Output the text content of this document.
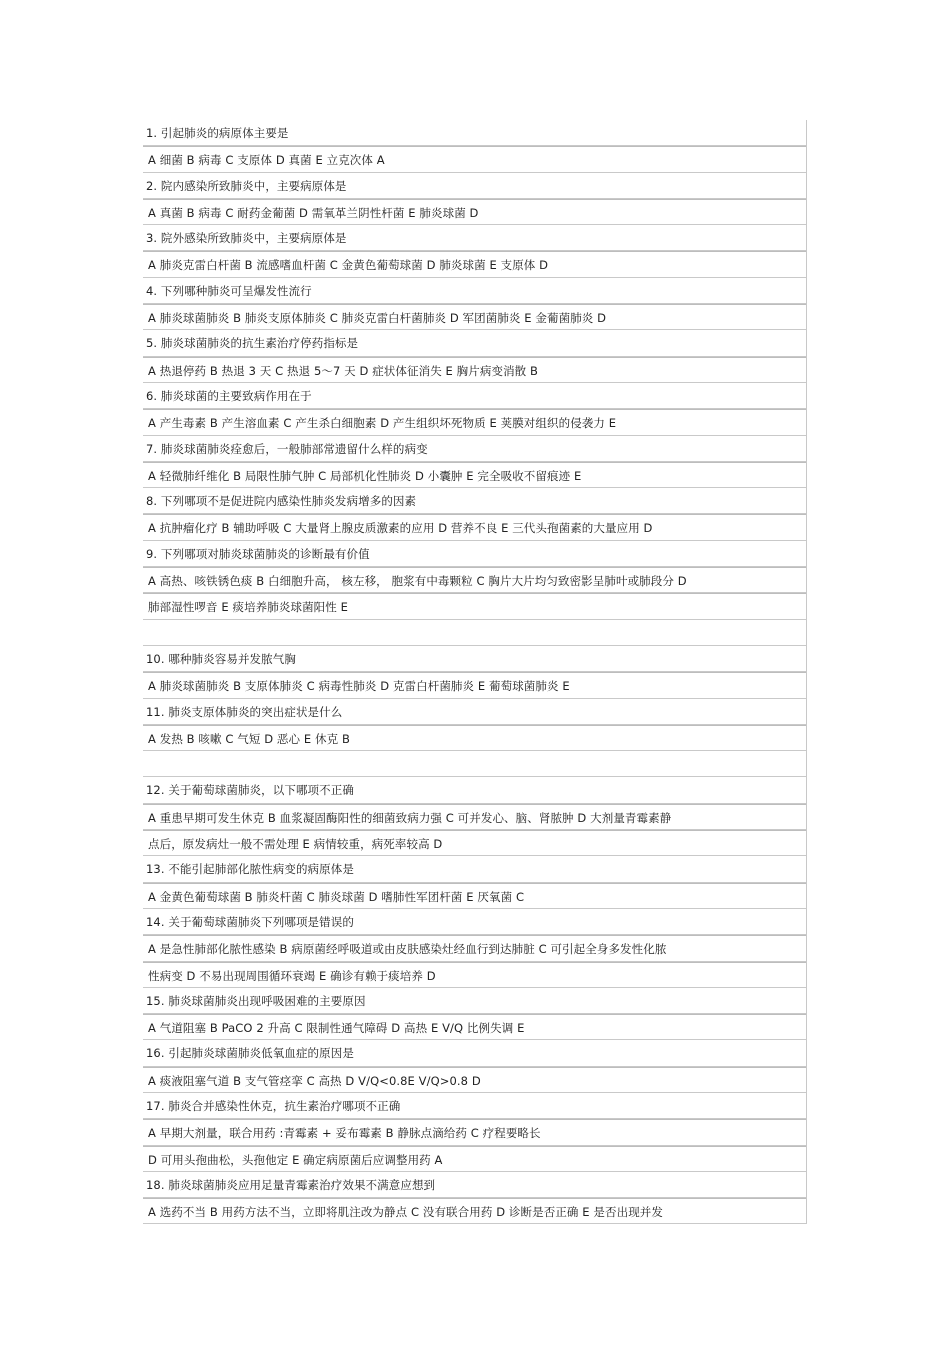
1. 引起肺炎的病原体主要是
A 细菌 B 病毒 C 支原体 D 真菌 E 立克次体 A
2. 院内感染所致肺炎中，主要病原体是
A 真菌 B 病毒 C 耐药金葡菌 D 需氧革兰阴性杆菌 E 肺炎球菌 D
3. 院外感染所致肺炎中，主要病原体是
A 肺炎克雷白杆菌 B 流感嗜血杆菌 C 金黄色葡萄球菌 D 肺炎球菌 E 支原体 D
4. 下列哪种肺炎可呈爆发性流行
A 肺炎球菌肺炎 B 肺炎支原体肺炎 C 肺炎克雷白杆菌肺炎 D 军团菌肺炎 E 金葡菌肺炎 D
5. 肺炎球菌肺炎的抗生素治疗停药指标是
A 热退停药 B 热退 3 天 C 热退 5～7 天 D 症状体征消失 E 胸片病变消散 B
6. 肺炎球菌的主要致病作用在于
A 产生毒素 B 产生溶血素 C 产生杀白细胞素 D 产生组织坏死物质 E 荚膜对组织的侵袭力 E
7. 肺炎球菌肺炎痊愈后，一般肺部常遗留什么样的病变
A 轻微肺纤维化 B 局限性肺气肿 C 局部机化性肺炎 D 小囊肿 E 完全吸收不留痕迹 E
8. 下列哪项不是促进院内感染性肺炎发病增多的因素
A 抗肿瘤化疗 B 辅助呼吸 C 大量肾上腺皮质激素的应用 D 营养不良 E 三代头孢菌素的大量应用 D
9. 下列哪项对肺炎球菌肺炎的诊断最有价值
A 高热、咳铁锈色痰 B 白细胞升高， 核左移， 胞浆有中毒颗粒 C 胸片大片均匀致密影呈肺叶或肺段分 D
肺部湿性啰音 E 痰培养肺炎球菌阳性 E
10. 哪种肺炎容易并发脓气胸
A 肺炎球菌肺炎 B 支原体肺炎 C 病毒性肺炎 D 克雷白杆菌肺炎 E 葡萄球菌肺炎 E
11. 肺炎支原体肺炎的突出症状是什么
A 发热 B 咳嗽 C 气短 D 恶心 E 休克 B
12. 关于葡萄球菌肺炎，以下哪项不正确
A 重患早期可发生休克 B 血浆凝固酶阳性的细菌致病力强 C 可并发心、脑、肾脓肿 D 大剂量青霉素静
点后，原发病灶一般不需处理 E 病情较重，病死率较高 D
13. 不能引起肺部化脓性病变的病原体是
A 金黄色葡萄球菌 B 肺炎杆菌 C 肺炎球菌 D 嗜肺性军团杆菌 E 厌氧菌 C
14. 关于葡萄球菌肺炎下列哪项是错误的
A 是急性肺部化脓性感染 B 病原菌经呼吸道或由皮肤感染灶经血行到达肺脏 C 可引起全身多发性化脓
性病变 D 不易出现周围循环衰竭 E 确诊有赖于痰培养 D
15. 肺炎球菌肺炎出现呼吸困难的主要原因
A 气道阻塞 B PaCO 2 升高 C 限制性通气障碍 D 高热 E V/Q 比例失调 E
16. 引起肺炎球菌肺炎低氧血症的原因是
A 痰液阻塞气道 B 支气管痉挛 C 高热 D V/Q<0.8E V/Q>0.8 D
17. 肺炎合并感染性休克，抗生素治疗哪项不正确
A 早期大剂量，联合用药 :青霉素 + 妥布霉素 B 静脉点滴给药 C 疗程要略长
D 可用头孢曲松，头孢他定 E 确定病原菌后应调整用药 A
18. 肺炎球菌肺炎应用足量青霉素治疗效果不满意应想到
A 选药不当 B 用药方法不当，立即将肌注改为静点 C 没有联合用药 D 诊断是否正确 E 是否出现并发
